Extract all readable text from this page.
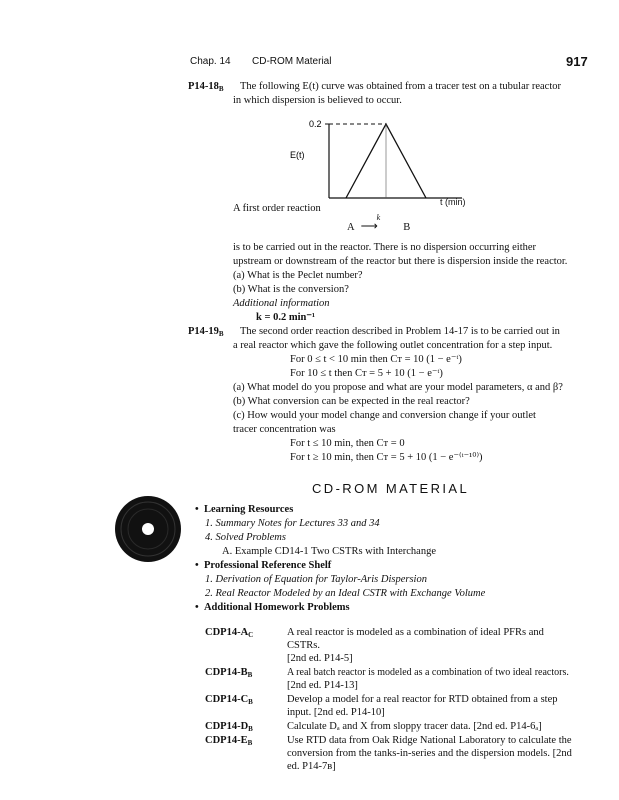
Chap. 14 CD-ROM Material	917
$P14-18_B$ The following E(t) curve was obtained from a tracer test on a tubular reactor
in which dispersion is believed to occur.
0.2
E(t)
t (min)
A first order reaction
A
k
⟶ B
is to be carried out in the reactor. There is no dispersion occurring either
upstream or downstream of the reactor but there is dispersion inside the reactor.
(a) What is the Peclet number?
(b) What is the conversion?
Additional information
k = 0.2 min⁻¹
$P14-19_B$ The second order reaction described in Problem 14-17 is to be carried out in
a real reactor which gave the following outlet concentration for a step input.
For 0 ≤ t < 10 min then Cᴛ = 10 (1 − e⁻ᵗ)
For 10 ≤ t then Cᴛ = 5 + 10 (1 − e⁻ᵗ)
(a) What model do you propose and what are your model parameters, α and β?
(b) What conversion can be expected in the real reactor?
(c) How would your model change and conversion change if your outlet
tracer concentration was
For t ≤ 10 min, then Cᴛ = 0
For t ≥ 10 min, then Cᴛ = 5 + 10 (1 − e⁻⁽ᵗ⁻¹⁰⁾)
CD-ROM MATERIAL
•  Learning Resources
1. Summary Notes for Lectures 33 and 34
4. Solved Problems
A. Example CD14-1 Two CSTRs with Interchange
•  Professional Reference Shelf
1. Derivation of Equation for Taylor-Aris Dispersion
2. Real Reactor Modeled by an Ideal CSTR with Exchange Volume
•  Additional Homework Problems
$CDP14-A_C$	A real reactor is modeled as a combination of ideal PFRs and
CSTRs.
[2nd ed. P14-5]
$CDP14-B_B$	A real batch reactor is modeled as a combination of two ideal reactors.
[2nd ed. P14-13]
$CDP14-C_B$	Develop a model for a real reactor for RTD obtained from a step
input. [2nd ed. P14-10]
$CDP14-D_B$	Calculate Dₐ and X from sloppy tracer data. [2nd ed. P14-6ₐ]
$CDP14-E_B$	Use RTD data from Oak Ridge National Laboratory to calculate the
conversion from the tanks-in-series and the dispersion models. [2nd
ed. P14-7ʙ]
